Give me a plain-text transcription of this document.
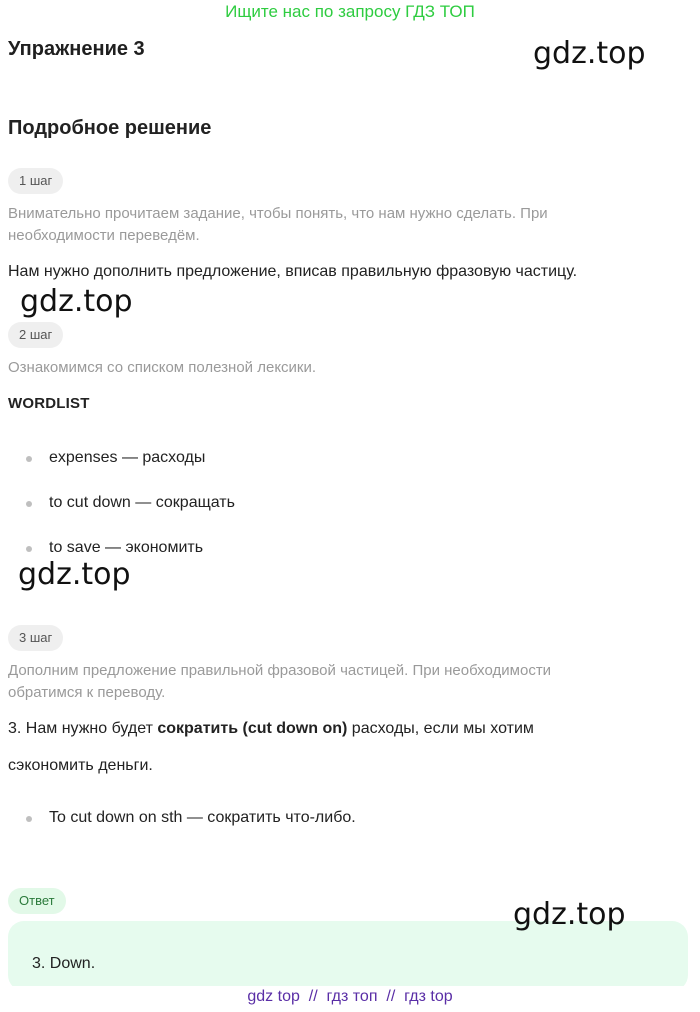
Ищите нас по запросу ГДЗ ТОП
Упражнение 3	gdz.top
Подробное решение
1 шаг
Внимательно прочитаем задание, чтобы понять, что нам нужно сделать. При
необходимости переведём.
Нам нужно дополнить предложение, вписав правильную фразовую частицу.
gdz.top
2 шаг
Ознакомимся со списком полезной лексики.
WORDLIST
expenses — расходы
to cut down — сокращать
to save — экономить
gdz.top
3 шаг
Дополним предложение правильной фразовой частицей. При необходимости
обратимся к переводу.
3. Нам нужно будет сократить (cut down on) расходы, если мы хотим
сэкономить деньги.
To cut down on sth — сократить что-либо.
Ответ	gdz.top
3. Down.
gdz top  //  гдз топ  //  гдз top
